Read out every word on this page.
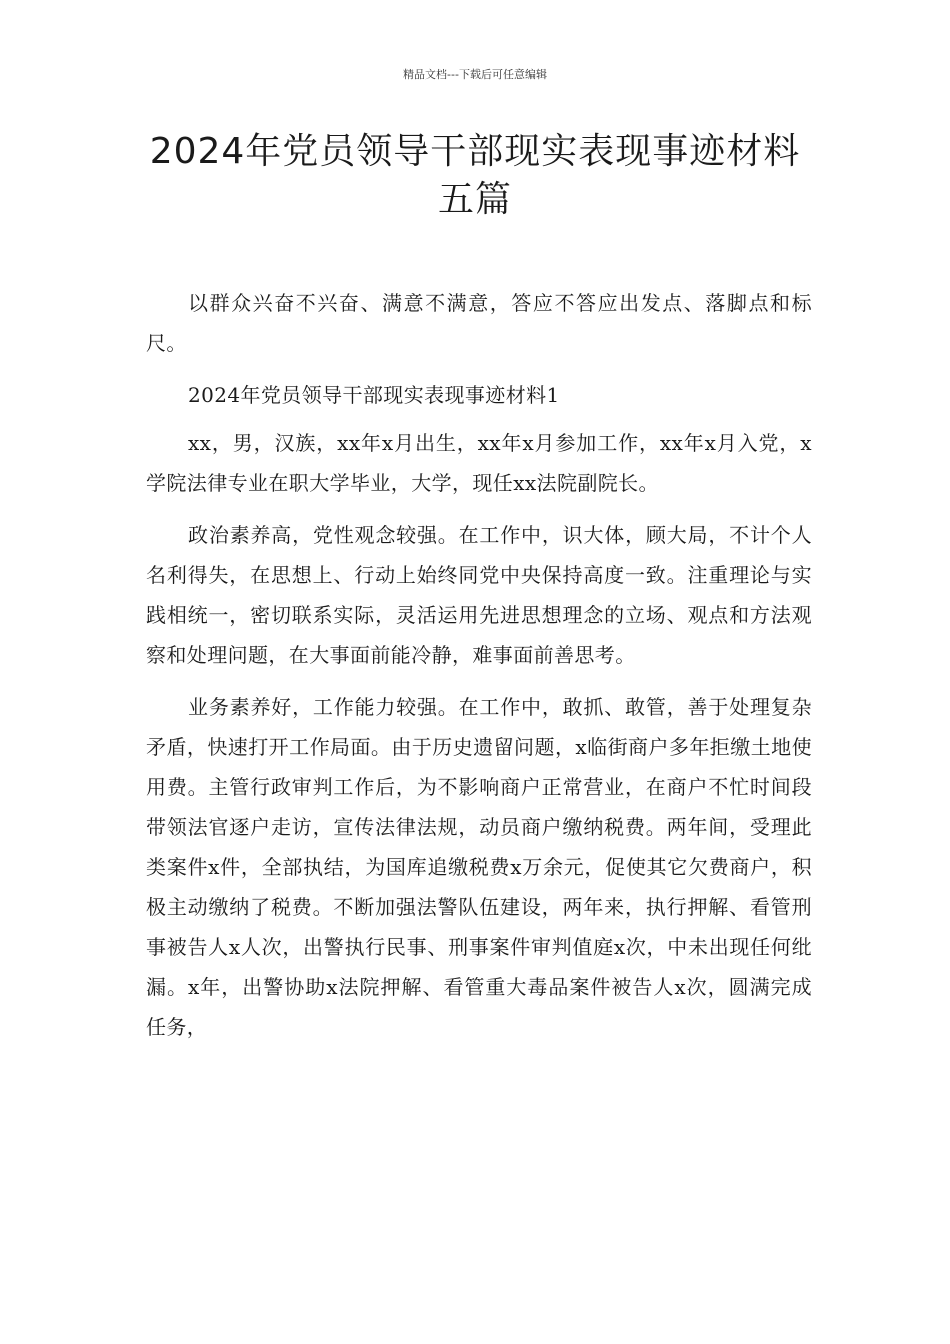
精品文档---下载后可任意编辑
2024年党员领导干部现实表现事迹材料
五篇

以群众兴奋不兴奋、满意不满意，答应不答应出发点、落脚点和标尺。

2024年党员领导干部现实表现事迹材料1

xx，男，汉族，xx年x月出生，xx年x月参加工作，xx年x月入党，x学院法律专业在职大学毕业，大学，现任xx法院副院长。

政治素养高，党性观念较强。在工作中，识大体，顾大局，不计个人名利得失，在思想上、行动上始终同党中央保持高度一致。注重理论与实践相统一，密切联系实际，灵活运用先进思想理念的立场、观点和方法观察和处理问题，在大事面前能冷静，难事面前善思考。

业务素养好，工作能力较强。在工作中，敢抓、敢管，善于处理复杂矛盾，快速打开工作局面。由于历史遗留问题，x临街商户多年拒缴土地使用费。主管行政审判工作后，为不影响商户正常营业，在商户不忙时间段带领法官逐户走访，宣传法律法规，动员商户缴纳税费。两年间，受理此类案件x件，全部执结，为国库追缴税费x万余元，促使其它欠费商户，积极主动缴纳了税费。不断加强法警队伍建设，两年来，执行押解、看管刑事被告人x人次，出警执行民事、刑事案件审判值庭x次，中未出现任何纰漏。x年，出警协助x法院押解、看管重大毒品案件被告人x次，圆满完成任务，
